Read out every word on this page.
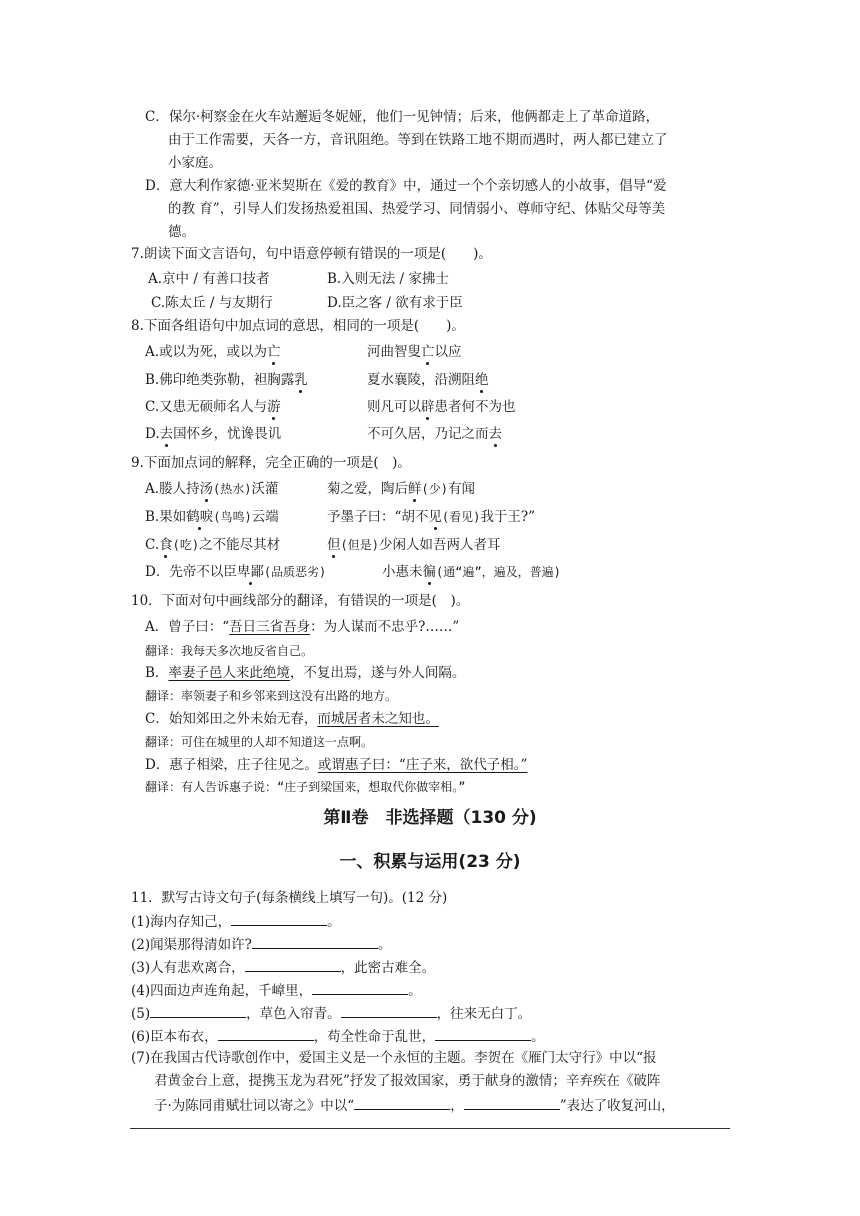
C．保尔·柯察金在火车站邂逅冬妮娅，他们一见钟情；后来，他俩都走上了革命道路，
由于工作需要，天各一方，音讯阻绝。等到在铁路工地不期而遇时，两人都已建立了
小家庭。
D．意大利作家德·亚米契斯在《爱的教育》中，通过一个个亲切感人的小故事，倡导“爱
的教 育”，引导人们发扬热爱祖国、热爱学习、同情弱小、尊师守纪、体贴父母等美
德。
7.朗读下面文言语句，句中语意停顿有错误的一项是(　　)。
A.京中 / 有善口技者	B.入则无法 / 家拂士
C.陈太丘 / 与友期行	D.臣之客 / 欲有求于臣
8.下面各组语句中加点词的意思，相同的一项是(　　)。
A.或以为死，或以为亡	河曲智叟亡以应
B.佛印绝类弥勒，袒胸露乳	夏水襄陵，沿溯阻绝
C.又患无硕师名人与游	则凡可以辟患者何不为也
D.去国怀乡，忧谗畏讥	不可久居，乃记之而去
9.下面加点词的解释，完全正确的一项是(　)。
A.媵人持汤(热水)沃灌	菊之爱，陶后鲜(少)有闻
B.果如鹤唳(鸟鸣)云端	予墨子曰：“胡不见(看见)我于王?”
C.食(吃)之不能尽其材	但(但是)少闲人如吾两人者耳
D．先帝不以臣卑鄙(品质恶劣)	小惠未徧(通“遍”，遍及，普遍)
10．下面对句中画线部分的翻译，有错误的一项是(　)。
A．曾子曰：“吾日三省吾身：为人谋而不忠乎?……”
翻译：我每天多次地反省自己。
B．率妻子邑人来此绝境，不复出焉，遂与外人间隔。
翻译：率领妻子和乡邻来到这没有出路的地方。
C．始知郊田之外未始无春，而城居者未之知也。
翻译：可住在城里的人却不知道这一点啊。
D．惠子相梁，庄子往见之。或谓惠子曰：“庄子来，欲代子相。”
翻译：有人告诉惠子说：“庄子到梁国来，想取代你做宰相。”
第Ⅱ卷　非选择题（130 分)
一、积累与运用(23 分)
11．默写古诗文句子(每条横线上填写一句)。(12 分)
(1)海内存知己，	。
(2)闻渠那得清如许?	。
(3)人有悲欢离合，	，此密古难全。
(4)四面边声连角起，千嶂里，	。
(5)	，草色入帘青。	，往来无白丁。
(6)臣本布衣，	，苟全性命于乱世，	。
(7)在我国古代诗歌创作中，爱国主义是一个永恒的主题。李贺在《雁门太守行》中以“报
君黄金台上意，提携玉龙为君死”抒发了报效国家，勇于献身的激情；辛弃疾在《破阵
子·为陈同甫赋壮词以寄之》中以“	，	”表达了收复河山，
